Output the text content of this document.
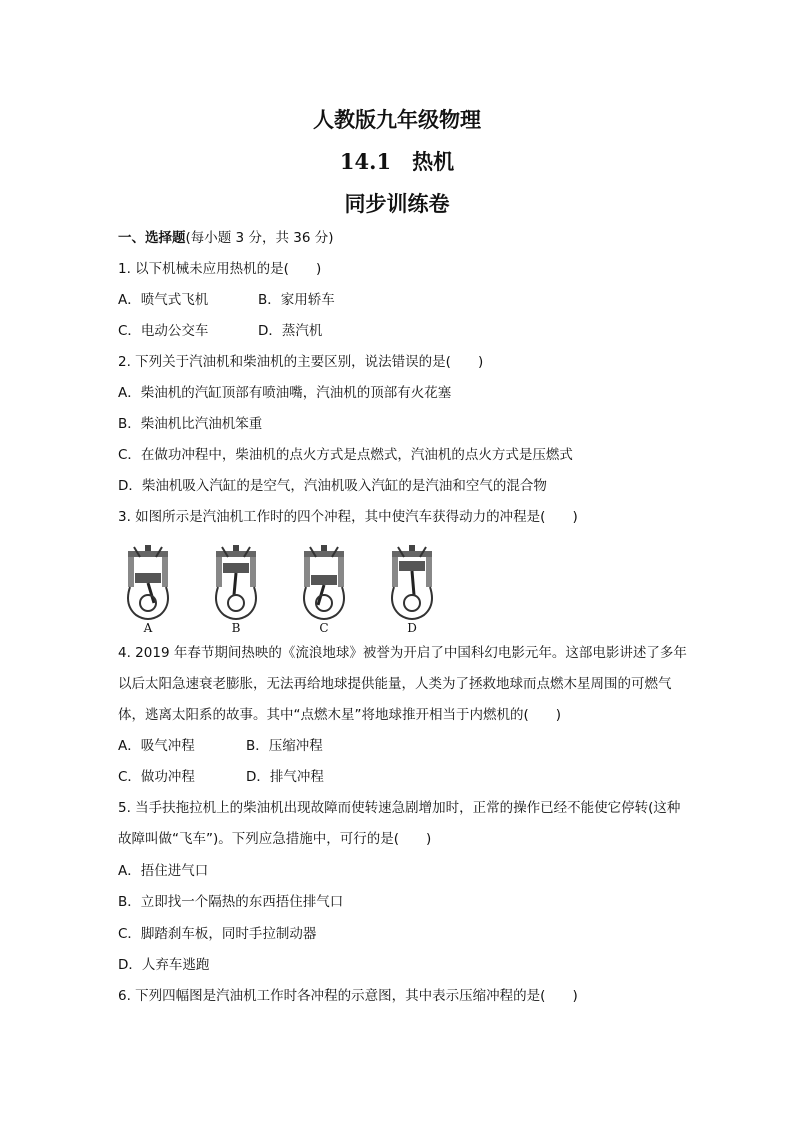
人教版九年级物理
14.1　热机
同步训练卷
一、选择题(每小题 3 分，共 36 分)
1. 以下机械未应用热机的是(　　)
A．喷气式飞机	B．家用轿车
C．电动公交车	D．蒸汽机
2. 下列关于汽油机和柴油机的主要区别，说法错误的是(　　)
A．柴油机的汽缸顶部有喷油嘴，汽油机的顶部有火花塞
B．柴油机比汽油机笨重
C．在做功冲程中，柴油机的点火方式是点燃式，汽油机的点火方式是压燃式
D．柴油机吸入汽缸的是空气，汽油机吸入汽缸的是汽油和空气的混合物
3. 如图所示是汽油机工作时的四个冲程，其中使汽车获得动力的冲程是(　　)
A	B	C	D
4. 2019 年春节期间热映的《流浪地球》被誉为开启了中国科幻电影元年。这部电影讲述了多年
以后太阳急速衰老膨胀，无法再给地球提供能量，人类为了拯救地球而点燃木星周围的可燃气
体，逃离太阳系的故事。其中“点燃木星”将地球推开相当于内燃机的(　　)
A．吸气冲程	B．压缩冲程
C．做功冲程	D．排气冲程
5. 当手扶拖拉机上的柴油机出现故障而使转速急剧增加时，正常的操作已经不能使它停转(这种
故障叫做“飞车”)。下列应急措施中，可行的是(　　)
A．捂住进气口
B．立即找一个隔热的东西捂住排气口
C．脚踏刹车板，同时手拉制动器
D．人弃车逃跑
6. 下列四幅图是汽油机工作时各冲程的示意图，其中表示压缩冲程的是(　　)
